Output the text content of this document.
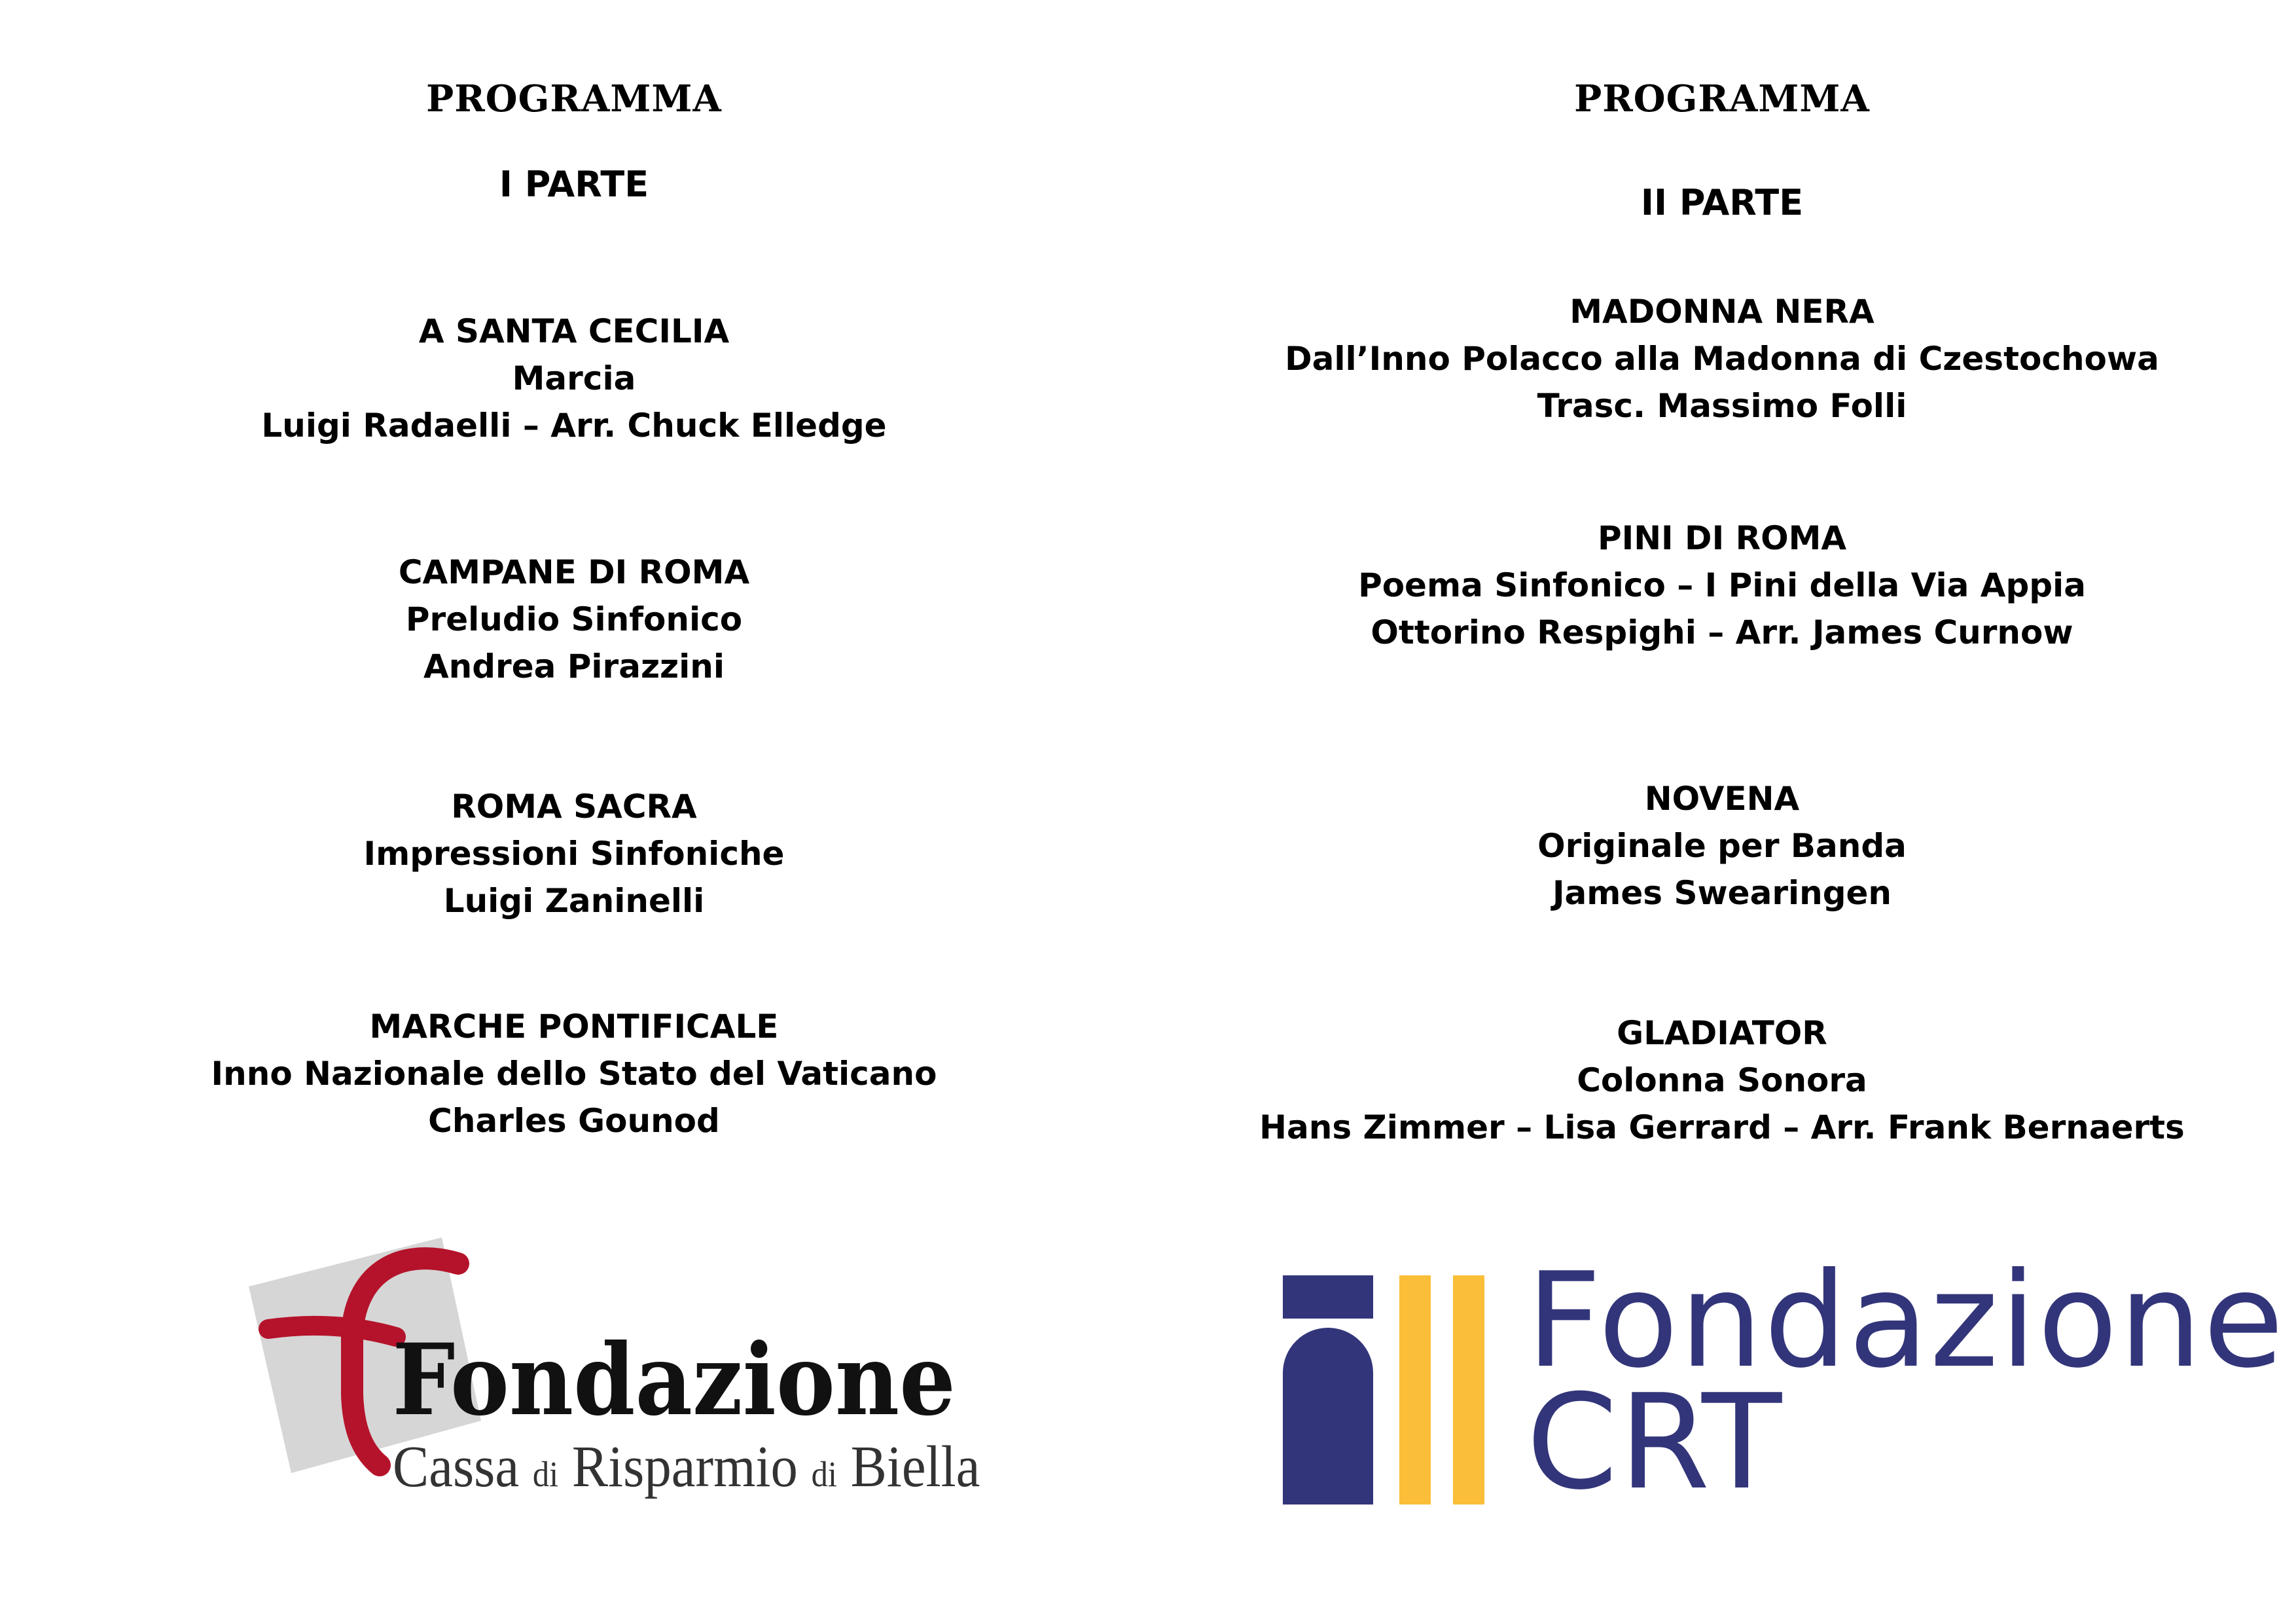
PROGRAMMA
I PARTE
A SANTA CECILIA
Marcia
Luigi Radaelli – Arr. Chuck Elledge
CAMPANE DI ROMA
Preludio Sinfonico
Andrea Pirazzini
ROMA SACRA
Impressioni Sinfoniche
Luigi Zaninelli
MARCHE PONTIFICALE
Inno Nazionale dello Stato del Vaticano
Charles Gounod
PROGRAMMA
II PARTE
MADONNA NERA
Dall’Inno Polacco alla Madonna di Czestochowa
Trasc. Massimo Folli
PINI DI ROMA
Poema Sinfonico – I Pini della Via Appia
Ottorino Respighi – Arr. James Curnow
NOVENA
Originale per Banda
James Swearingen
GLADIATOR
Colonna Sonora
Hans Zimmer – Lisa Gerrard – Arr. Frank Bernaerts
Fondazione
Cassa di Risparmio di Biella

Fondazione

CRT
